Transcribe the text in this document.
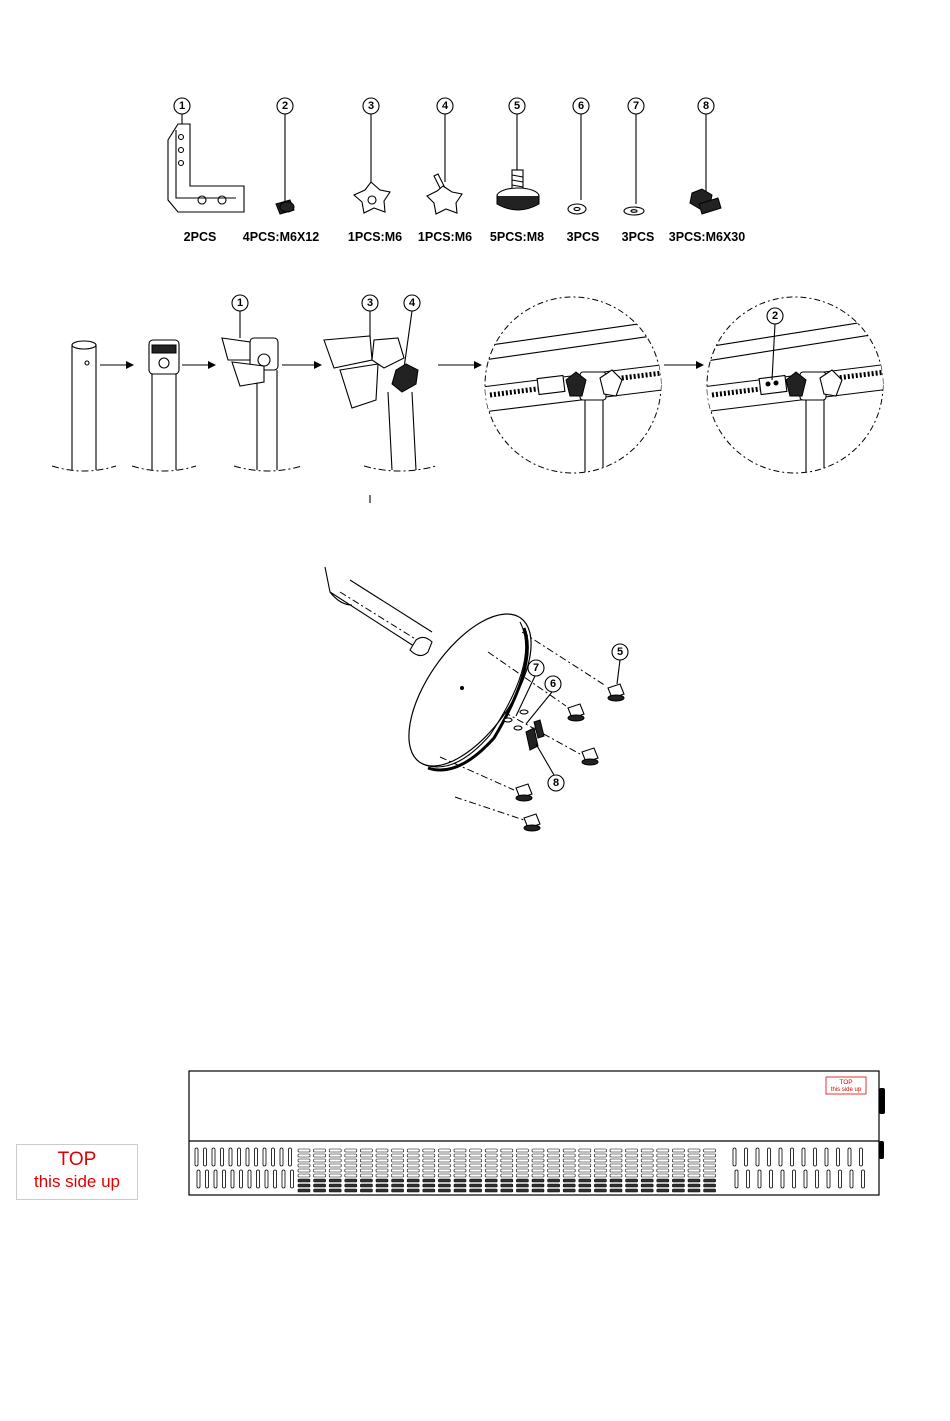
1
2PCS
2
4PCS:M6X12
3
1PCS:M6
4
1PCS:M6
5
5PCS:M8
6
3PCS
7
3PCS
8
3PCS:M6X30
1	3	4
2
5
7
6
8
TOP
this side up
TOP
this side up
